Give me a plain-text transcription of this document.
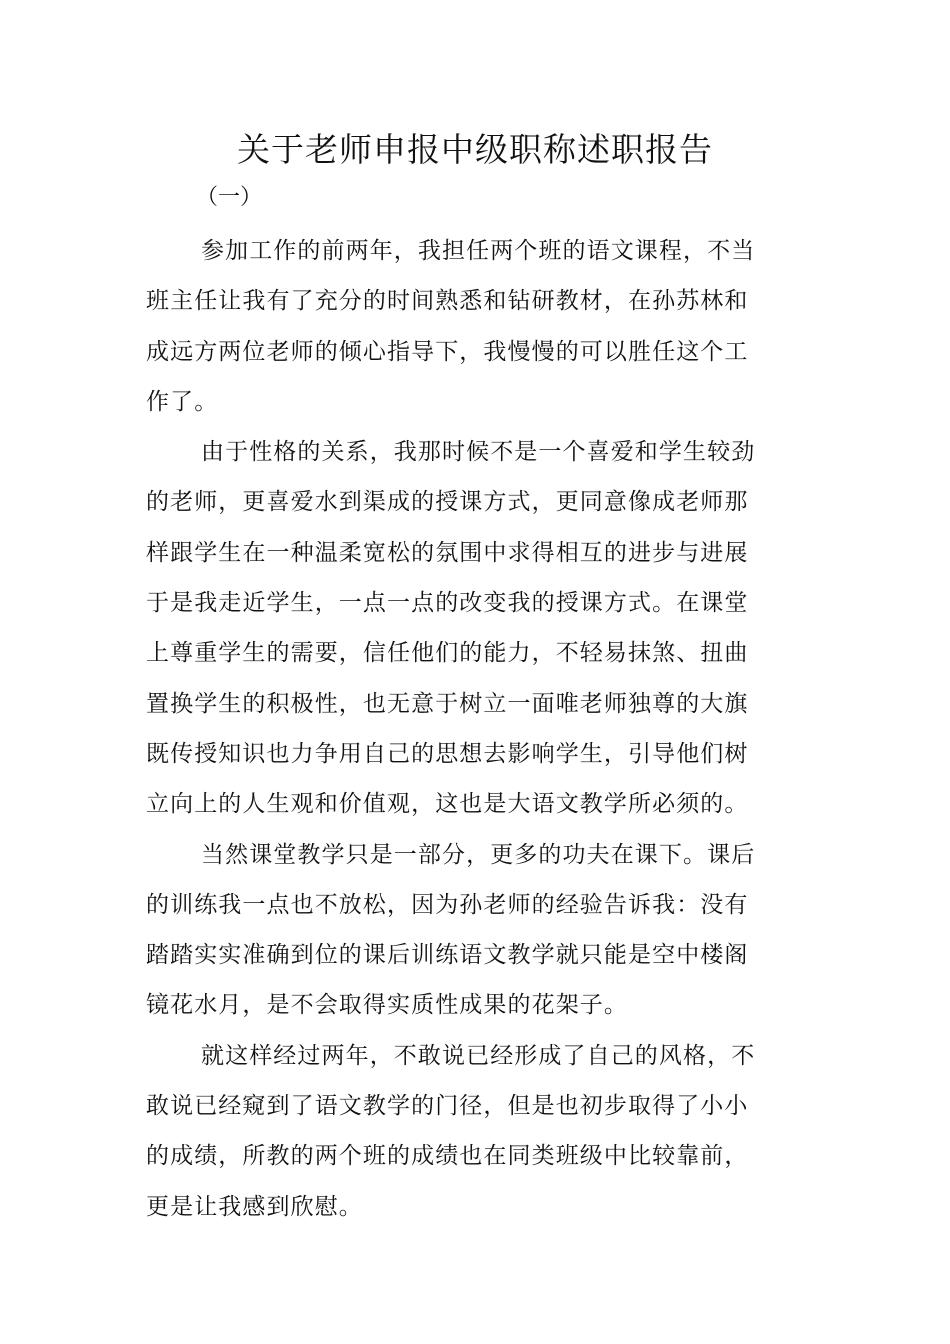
关于老师申报中级职称述职报告

（一）

参加工作的前两年，我担任两个班的语文课程，不当
班主任让我有了充分的时间熟悉和钻研教材，在孙苏林和
成远方两位老师的倾心指导下，我慢慢的可以胜任这个工
作了。
由于性格的关系，我那时候不是一个喜爱和学生较劲
的老师，更喜爱水到渠成的授课方式，更同意像成老师那
样跟学生在一种温柔宽松的氛围中求得相互的进步与进展
于是我走近学生，一点一点的改变我的授课方式。在课堂
上尊重学生的需要，信任他们的能力，不轻易抹煞、扭曲
置换学生的积极性，也无意于树立一面唯老师独尊的大旗
既传授知识也力争用自己的思想去影响学生，引导他们树
立向上的人生观和价值观，这也是大语文教学所必须的。
当然课堂教学只是一部分，更多的功夫在课下。课后
的训练我一点也不放松，因为孙老师的经验告诉我：没有
踏踏实实准确到位的课后训练语文教学就只能是空中楼阁
镜花水月，是不会取得实质性成果的花架子。
就这样经过两年，不敢说已经形成了自己的风格，不
敢说已经窥到了语文教学的门径，但是也初步取得了小小
的成绩，所教的两个班的成绩也在同类班级中比较靠前，
更是让我感到欣慰。
